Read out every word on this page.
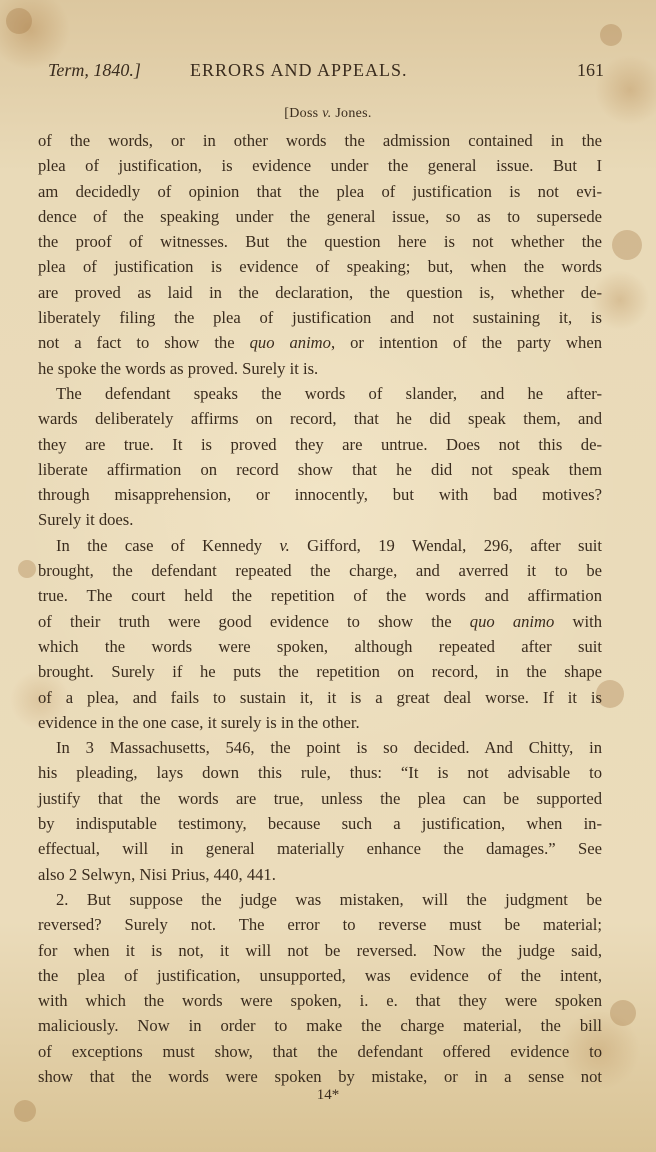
Term, 1840.]	ERRORS AND APPEALS.	161
[Doss v. Jones.
of the words, or in other words the admission contained in the
plea of justification, is evidence under the general issue. But I
am decidedly of opinion that the plea of justification is not evi-
dence of the speaking under the general issue, so as to supersede
the proof of witnesses. But the question here is not whether the
plea of justification is evidence of speaking; but, when the words
are proved as laid in the declaration, the question is, whether de-
liberately filing the plea of justification and not sustaining it, is
not a fact to show the quo animo, or intention of the party when
he spoke the words as proved. Surely it is.
The defendant speaks the words of slander, and he after-
wards deliberately affirms on record, that he did speak them, and
they are true. It is proved they are untrue. Does not this de-
liberate affirmation on record show that he did not speak them
through misapprehension, or innocently, but with bad motives?
Surely it does.
In the case of Kennedy v. Gifford, 19 Wendal, 296, after suit
brought, the defendant repeated the charge, and averred it to be
true. The court held the repetition of the words and affirmation
of their truth were good evidence to show the quo animo with
which the words were spoken, although repeated after suit
brought. Surely if he puts the repetition on record, in the shape
of a plea, and fails to sustain it, it is a great deal worse. If it is
evidence in the one case, it surely is in the other.
In 3 Massachusetts, 546, the point is so decided. And Chitty, in
his pleading, lays down this rule, thus: “It is not advisable to
justify that the words are true, unless the plea can be supported
by indisputable testimony, because such a justification, when in-
effectual, will in general materially enhance the damages.” See
also 2 Selwyn, Nisi Prius, 440, 441.
2. But suppose the judge was mistaken, will the judgment be
reversed? Surely not. The error to reverse must be material;
for when it is not, it will not be reversed. Now the judge said,
the plea of justification, unsupported, was evidence of the intent,
with which the words were spoken, i. e. that they were spoken
maliciously. Now in order to make the charge material, the bill
of exceptions must show, that the defendant offered evidence to
show that the words were spoken by mistake, or in a sense not
14*
